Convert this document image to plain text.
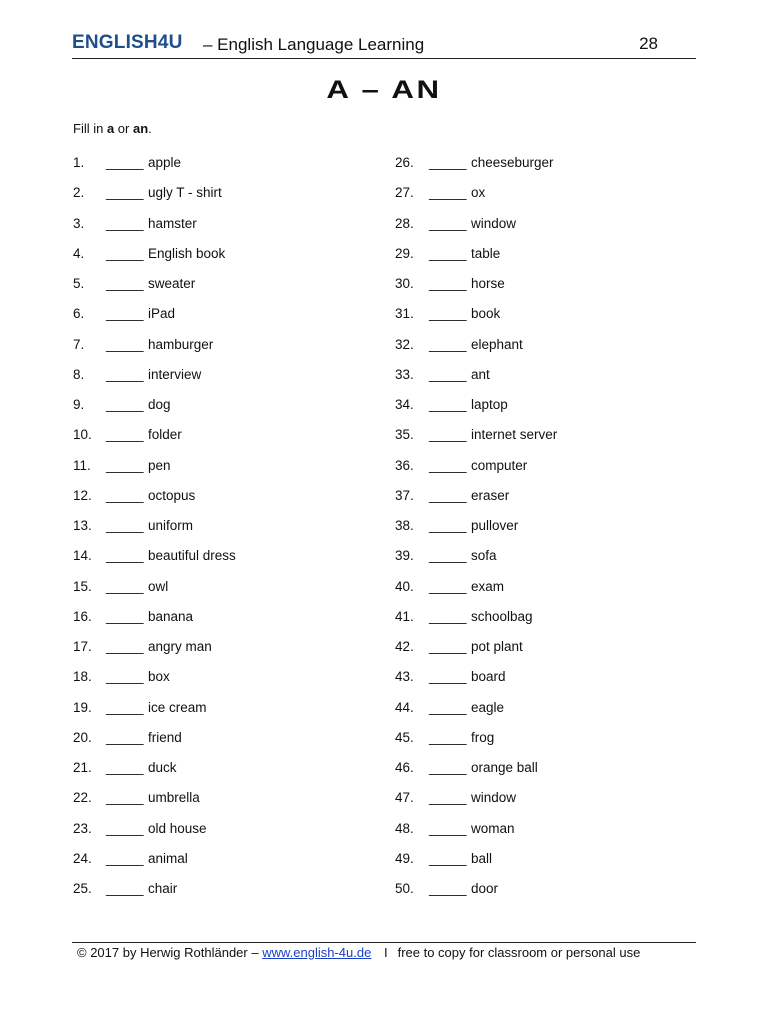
ENGLISH4U – English Language Learning	28
A – AN
Fill in a or an.
1. _____ apple
2. _____ ugly T - shirt
3. _____ hamster
4. _____ English book
5. _____ sweater
6. _____ iPad
7. _____ hamburger
8. _____ interview
9. _____ dog
10. _____ folder
11. _____ pen
12. _____ octopus
13. _____ uniform
14. _____ beautiful dress
15. _____ owl
16. _____ banana
17. _____ angry man
18. _____ box
19. _____ ice cream
20. _____ friend
21. _____ duck
22. _____ umbrella
23. _____ old house
24. _____ animal
25. _____ chair
26. _____ cheeseburger
27. _____ ox
28. _____ window
29. _____ table
30. _____ horse
31. _____ book
32. _____ elephant
33. _____ ant
34. _____ laptop
35. _____ internet server
36. _____ computer
37. _____ eraser
38. _____ pullover
39. _____ sofa
40. _____ exam
41. _____ schoolbag
42. _____ pot plant
43. _____ board
44. _____ eagle
45. _____ frog
46. _____ orange ball
47. _____ window
48. _____ woman
49. _____ ball
50. _____ door
© 2017 by Herwig Rothländer – www.english-4u.de I free to copy for classroom or personal use
